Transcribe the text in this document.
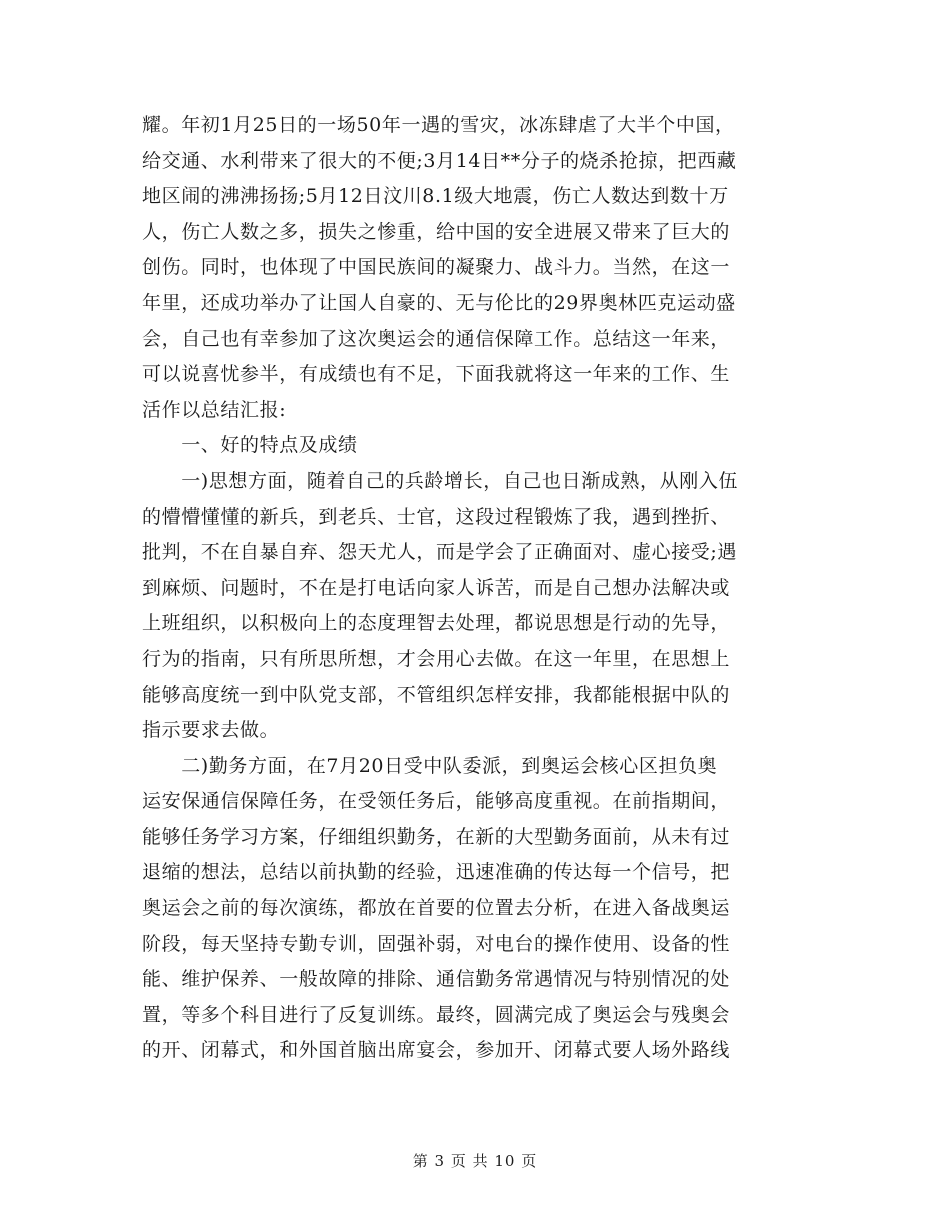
耀。年初1月25日的一场50年一遇的雪灾，冰冻肆虐了大半个中国，
给交通、水利带来了很大的不便;3月14日**分子的烧杀抢掠，把西藏
地区闹的沸沸扬扬;5月12日汶川8.1级大地震，伤亡人数达到数十万
人，伤亡人数之多，损失之惨重，给中国的安全进展又带来了巨大的
创伤。同时，也体现了中国民族间的凝聚力、战斗力。当然，在这一
年里，还成功举办了让国人自豪的、无与伦比的29界奥林匹克运动盛
会，自己也有幸参加了这次奥运会的通信保障工作。总结这一年来，
可以说喜忧参半，有成绩也有不足，下面我就将这一年来的工作、生
活作以总结汇报:
　　一、好的特点及成绩
　　一)思想方面，随着自己的兵龄增长，自己也日渐成熟，从刚入伍
的懵懵懂懂的新兵，到老兵、士官，这段过程锻炼了我，遇到挫折、
批判，不在自暴自弃、怨天尤人，而是学会了正确面对、虚心接受;遇
到麻烦、问题时，不在是打电话向家人诉苦，而是自己想办法解决或
上班组织，以积极向上的态度理智去处理，都说思想是行动的先导，
行为的指南，只有所思所想，才会用心去做。在这一年里，在思想上
能够高度统一到中队党支部，不管组织怎样安排，我都能根据中队的
指示要求去做。
　　二)勤务方面，在7月20日受中队委派，到奥运会核心区担负奥
运安保通信保障任务，在受领任务后，能够高度重视。在前指期间，
能够任务学习方案，仔细组织勤务，在新的大型勤务面前，从未有过
退缩的想法，总结以前执勤的经验，迅速准确的传达每一个信号，把
奥运会之前的每次演练，都放在首要的位置去分析，在进入备战奥运
阶段，每天坚持专勤专训，固强补弱，对电台的操作使用、设备的性
能、维护保养、一般故障的排除、通信勤务常遇情况与特别情况的处
置，等多个科目进行了反复训练。最终，圆满完成了奥运会与残奥会
的开、闭幕式，和外国首脑出席宴会，参加开、闭幕式要人场外路线
第 3 页 共 10 页
